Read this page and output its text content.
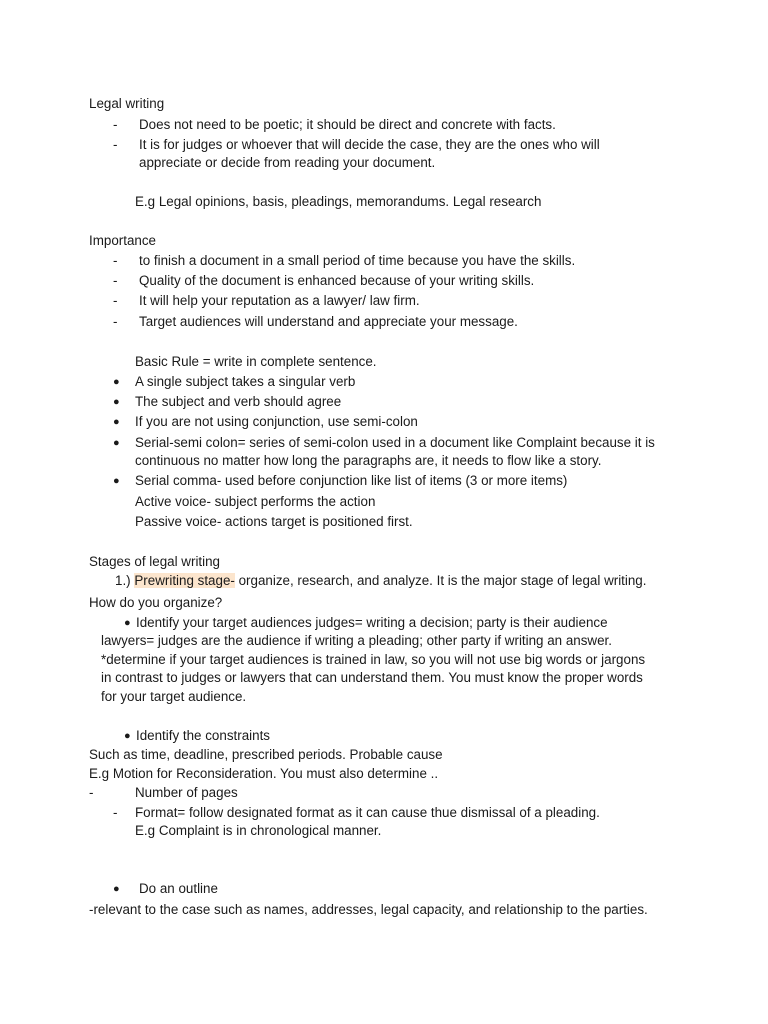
Legal writing
- Does not need to be poetic; it should be direct and concrete with facts.
- It is for judges or whoever that will decide the case, they are the ones who will
appreciate or decide from reading your document.
E.g Legal opinions, basis, pleadings, memorandums. Legal research
Importance
- to finish a document in a small period of time because you have the skills.
- Quality of the document is enhanced because of your writing skills.
- It will help your reputation as a lawyer/ law firm.
- Target audiences will understand and appreciate your message.
Basic Rule = write in complete sentence.
● A single subject takes a singular verb
● The subject and verb should agree
● If you are not using conjunction, use semi-colon
● Serial-semi colon= series of semi-colon used in a document like Complaint because it is
continuous no matter how long the paragraphs are, it needs to flow like a story.
● Serial comma- used before conjunction like list of items (3 or more items)
Active voice- subject performs the action
Passive voice- actions target is positioned first.
Stages of legal writing
1.) Prewriting stage- organize, research, and analyze. It is the major stage of legal writing.
How do you organize?
● Identify your target audiences judges= writing a decision; party is their audience
lawyers= judges are the audience if writing a pleading; other party if writing an answer.
*determine if your target audiences is trained in law, so you will not use big words or jargons
in contrast to judges or lawyers that can understand them. You must know the proper words
for your target audience.
● Identify the constraints
Such as time, deadline, prescribed periods. Probable cause
E.g Motion for Reconsideration. You must also determine ..
-	Number of pages
- Format= follow designated format as it can cause thue dismissal of a pleading.
E.g Complaint is in chronological manner.
● Do an outline
-relevant to the case such as names, addresses, legal capacity, and relationship to the parties.
